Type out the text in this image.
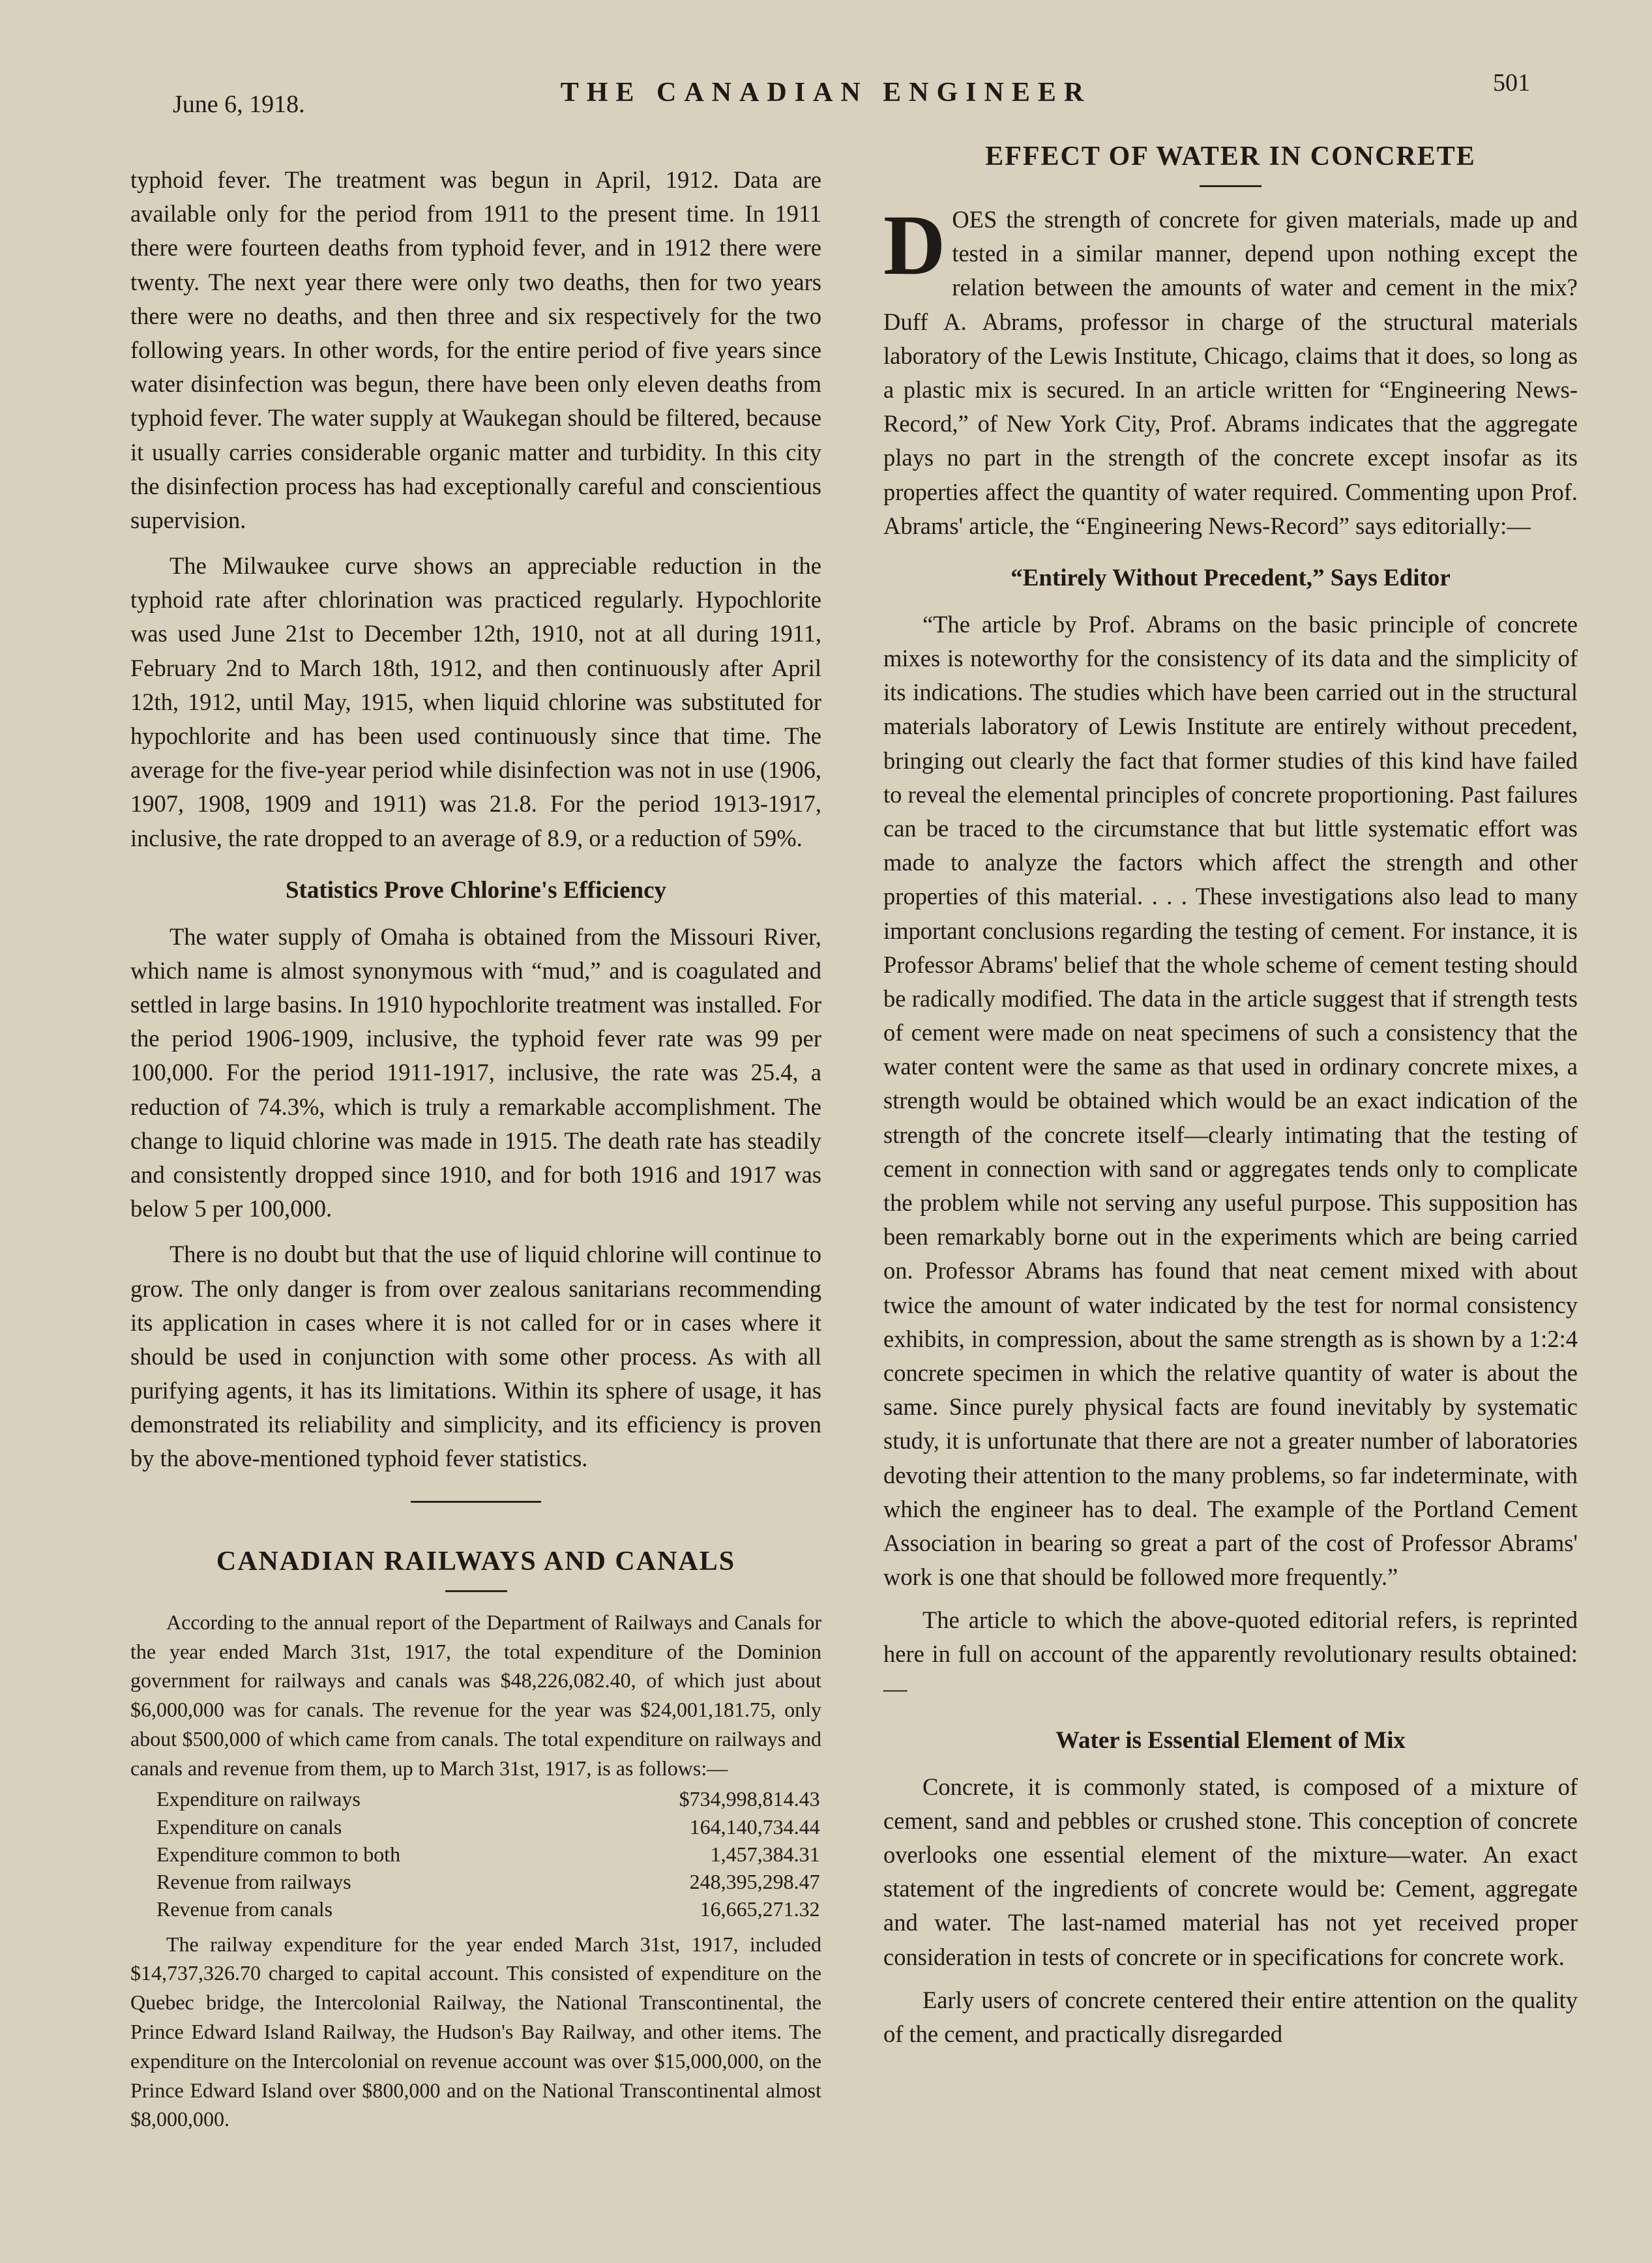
June 6, 1918.	THE CANADIAN ENGINEER	501

typhoid fever. The treatment was begun in April, 1912. Data are available only for the period from 1911 to the present time. In 1911 there were fourteen deaths from typhoid fever, and in 1912 there were twenty. The next year there were only two deaths, then for two years there were no deaths, and then three and six respectively for the two following years. In other words, for the entire period of five years since water disinfection was begun, there have been only eleven deaths from typhoid fever. The water supply at Waukegan should be filtered, because it usually carries considerable organic matter and turbidity. In this city the disinfection process has had exceptionally careful and conscientious supervision.

The Milwaukee curve shows an appreciable reduction in the typhoid rate after chlorination was practiced regularly. Hypochlorite was used June 21st to December 12th, 1910, not at all during 1911, February 2nd to March 18th, 1912, and then continuously after April 12th, 1912, until May, 1915, when liquid chlorine was substituted for hypochlorite and has been used continuously since that time. The average for the five-year period while disinfection was not in use (1906, 1907, 1908, 1909 and 1911) was 21.8. For the period 1913-1917, inclusive, the rate dropped to an average of 8.9, or a reduction of 59%.

Statistics Prove Chlorine's Efficiency

The water supply of Omaha is obtained from the Missouri River, which name is almost synonymous with “mud,” and is coagulated and settled in large basins. In 1910 hypochlorite treatment was installed. For the period 1906-1909, inclusive, the typhoid fever rate was 99 per 100,000. For the period 1911-1917, inclusive, the rate was 25.4, a reduction of 74.3%, which is truly a remarkable accomplishment. The change to liquid chlorine was made in 1915. The death rate has steadily and consistently dropped since 1910, and for both 1916 and 1917 was below 5 per 100,000.

There is no doubt but that the use of liquid chlorine will continue to grow. The only danger is from over zealous sanitarians recommending its application in cases where it is not called for or in cases where it should be used in conjunction with some other process. As with all purifying agents, it has its limitations. Within its sphere of usage, it has demonstrated its reliability and simplicity, and its efficiency is proven by the above-mentioned typhoid fever statistics.

CANADIAN RAILWAYS AND CANALS

According to the annual report of the Department of Railways and Canals for the year ended March 31st, 1917, the total expenditure of the Dominion government for railways and canals was $48,226,082.40, of which just about $6,000,000 was for canals. The revenue for the year was $24,001,181.75, only about $500,000 of which came from canals. The total expenditure on railways and canals and revenue from them, up to March 31st, 1917, is as follows:—

Expenditure on railways	$734,998,814.43
Expenditure on canals	164,140,734.44
Expenditure common to both	1,457,384.31
Revenue from railways	248,395,298.47
Revenue from canals	16,665,271.32

The railway expenditure for the year ended March 31st, 1917, included $14,737,326.70 charged to capital account. This consisted of expenditure on the Quebec bridge, the Intercolonial Railway, the National Transcontinental, the Prince Edward Island Railway, the Hudson's Bay Railway, and other items. The expenditure on the Intercolonial on revenue account was over $15,000,000, on the Prince Edward Island over $800,000 and on the National Transcontinental almost $8,000,000.

EFFECT OF WATER IN CONCRETE

DOES the strength of concrete for given materials, made up and tested in a similar manner, depend upon nothing except the relation between the amounts of water and cement in the mix? Duff A. Abrams, professor in charge of the structural materials laboratory of the Lewis Institute, Chicago, claims that it does, so long as a plastic mix is secured. In an article written for “Engineering News-Record,” of New York City, Prof. Abrams indicates that the aggregate plays no part in the strength of the concrete except insofar as its properties affect the quantity of water required. Commenting upon Prof. Abrams' article, the “Engineering News-Record” says editorially:—

“Entirely Without Precedent,” Says Editor

“The article by Prof. Abrams on the basic principle of concrete mixes is noteworthy for the consistency of its data and the simplicity of its indications. The studies which have been carried out in the structural materials laboratory of Lewis Institute are entirely without precedent, bringing out clearly the fact that former studies of this kind have failed to reveal the elemental principles of concrete proportioning. Past failures can be traced to the circumstance that but little systematic effort was made to analyze the factors which affect the strength and other properties of this material. . . . These investigations also lead to many important conclusions regarding the testing of cement. For instance, it is Professor Abrams' belief that the whole scheme of cement testing should be radically modified. The data in the article suggest that if strength tests of cement were made on neat specimens of such a consistency that the water content were the same as that used in ordinary concrete mixes, a strength would be obtained which would be an exact indication of the strength of the concrete itself—clearly intimating that the testing of cement in connection with sand or aggregates tends only to complicate the problem while not serving any useful purpose. This supposition has been remarkably borne out in the experiments which are being carried on. Professor Abrams has found that neat cement mixed with about twice the amount of water indicated by the test for normal consistency exhibits, in compression, about the same strength as is shown by a 1:2:4 concrete specimen in which the relative quantity of water is about the same. Since purely physical facts are found inevitably by systematic study, it is unfortunate that there are not a greater number of laboratories devoting their attention to the many problems, so far indeterminate, with which the engineer has to deal. The example of the Portland Cement Association in bearing so great a part of the cost of Professor Abrams' work is one that should be followed more frequently.”

The article to which the above-quoted editorial refers, is reprinted here in full on account of the apparently revolutionary results obtained:—

Water is Essential Element of Mix

Concrete, it is commonly stated, is composed of a mixture of cement, sand and pebbles or crushed stone. This conception of concrete overlooks one essential element of the mixture—water. An exact statement of the ingredients of concrete would be: Cement, aggregate and water. The last-named material has not yet received proper consideration in tests of concrete or in specifications for concrete work.

Early users of concrete centered their entire attention on the quality of the cement, and practically disregarded
